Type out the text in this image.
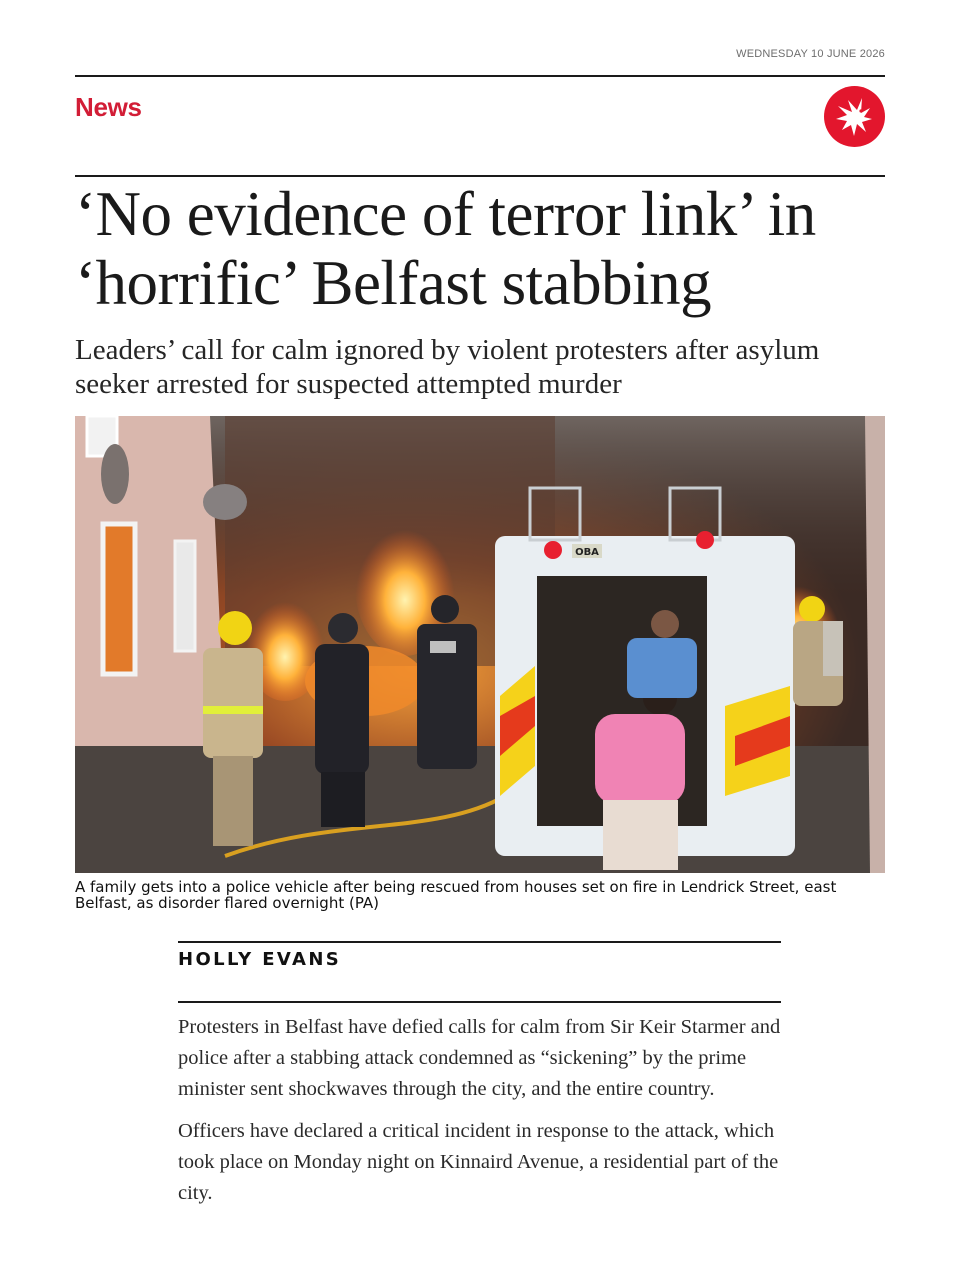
WEDNESDAY 10 JUNE 2026
News
‘No evidence of terror link’ in ‘horrific’ Belfast stabbing

Leaders’ call for calm ignored by violent protesters after asylum seeker arrested for suspected attempted murder

OBA
A family gets into a police vehicle after being rescued from houses set on fire in Lendrick Street, east Belfast, as disorder flared overnight (PA)
HOLLY EVANS

Protesters in Belfast have defied calls for calm from Sir Keir Starmer and police after a stabbing attack condemned as “sickening” by the prime minister sent shockwaves through the city, and the entire country.

Officers have declared a critical incident in response to the attack, which took place on Monday night on Kinnaird Avenue, a residential part of the city.
